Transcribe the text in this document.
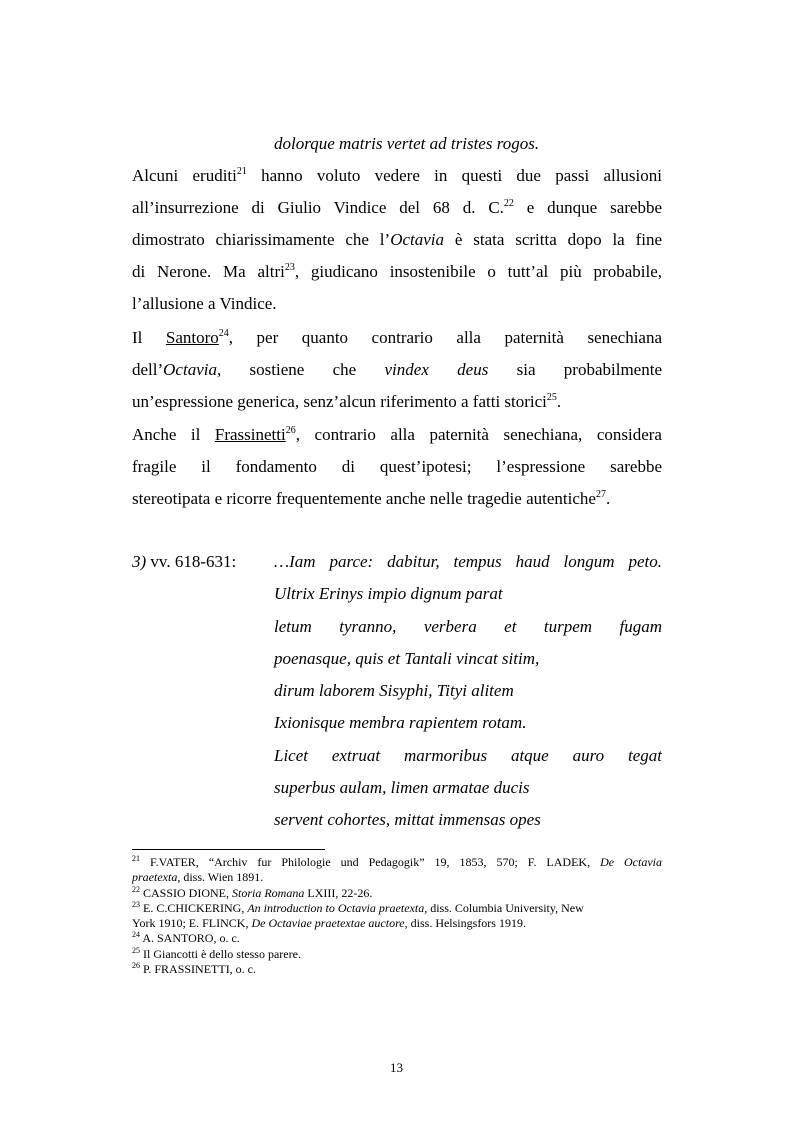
dolorque matris vertet ad tristes rogos.
Alcuni eruditi$^{21}$ hanno voluto vedere in questi due passi allusioni
all’insurrezione di Giulio Vindice del 68 d. C.$^{22}$ e dunque sarebbe
dimostrato chiarissimamente che l’Octavia è stata scritta dopo la fine
di Nerone. Ma altri$^{23}$, giudicano insostenibile o tutt’al più probabile,
l’allusione a Vindice.
Il Santoro$^{24}$, per quanto contrario alla paternità senechiana
dell’Octavia, sostiene che vindex deus sia probabilmente
un’espressione generica, senz’alcun riferimento a fatti storici$^{25}$.
Anche il Frassinetti$^{26}$, contrario alla paternità senechiana, considera
fragile il fondamento di quest’ipotesi; l’espressione sarebbe
stereotipata e ricorre frequentemente anche nelle tragedie autentiche$^{27}$.
3) vv. 618-631: …Iam parce: dabitur, tempus haud longum peto.
Ultrix Erinys impio dignum parat
letum tyranno, verbera et turpem fugam
poenasque, quis et Tantali vincat sitim,
dirum laborem Sisyphi, Tityi alitem
Ixionisque membra rapientem rotam.
Licet extruat marmoribus atque auro tegat
superbus aulam, limen armatae ducis
servent cohortes, mittat immensas opes
$^{21}$ F.VATER, “Archiv fur Philologie und Pedagogik” 19, 1853, 570; F. LADEK, De Octavia
praetexta, diss. Wien 1891.
$^{22}$ CASSIO DIONE, Storia Romana LXIII, 22-26.
$^{23}$ E. C.CHICKERING, An introduction to Octavia praetexta, diss. Columbia University, New
York 1910; E. FLINCK, De Octaviae praetextae auctore, diss. Helsingsfors 1919.
$^{24}$ A. SANTORO, o. c.
$^{25}$ Il Giancotti è dello stesso parere.
$^{26}$ P. FRASSINETTI, o. c.
13
